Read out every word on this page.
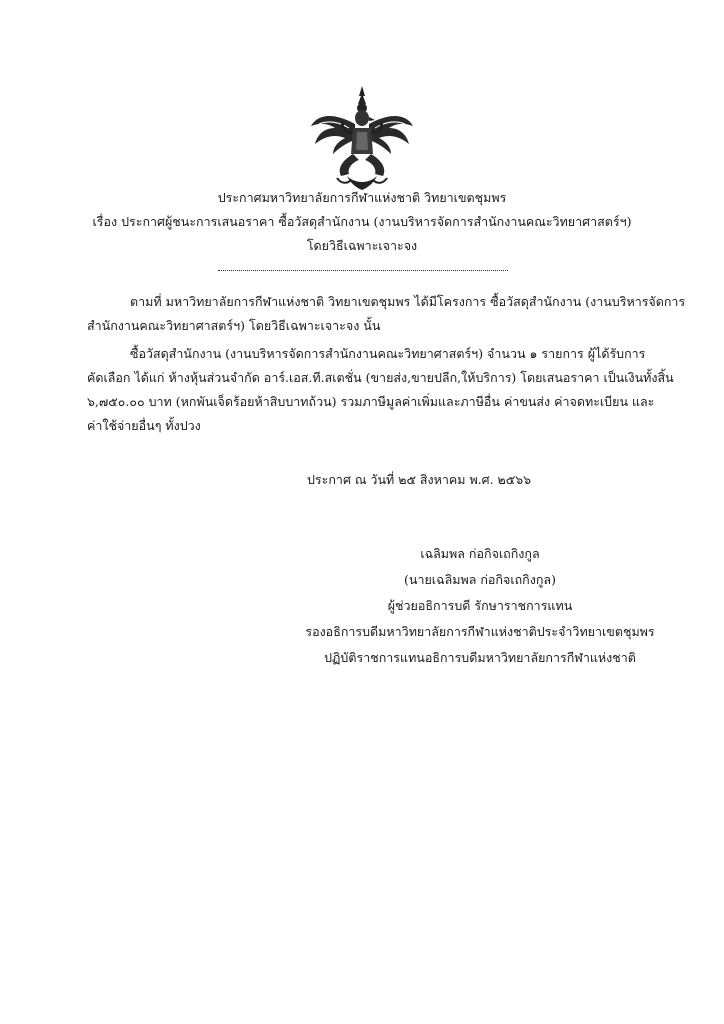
ประกาศมหาวิทยาลัยการกีฬาแห่งชาติ วิทยาเขตชุมพร
เรื่อง ประกาศผู้ชนะการเสนอราคา ซื้อวัสดุสำนักงาน (งานบริหารจัดการสำนักงานคณะวิทยาศาสตร์ฯ)
โดยวิธีเฉพาะเจาะจง
ตามที่ มหาวิทยาลัยการกีฬาแห่งชาติ วิทยาเขตชุมพร ได้มีโครงการ ซื้อวัสดุสำนักงาน (งานบริหารจัดการ
สำนักงานคณะวิทยาศาสตร์ฯ) โดยวิธีเฉพาะเจาะจง นั้น
ซื้อวัสดุสำนักงาน (งานบริหารจัดการสำนักงานคณะวิทยาศาสตร์ฯ) จำนวน ๑ รายการ ผู้ได้รับการ
คัดเลือก ได้แก่ ห้างหุ้นส่วนจำกัด อาร์.เอส.ที.สเตชั่น (ขายส่ง,ขายปลีก,ให้บริการ) โดยเสนอราคา เป็นเงินทั้งสิ้น
๖,๗๕๐.๐๐ บาท (หกพันเจ็ดร้อยห้าสิบบาทถ้วน) รวมภาษีมูลค่าเพิ่มและภาษีอื่น ค่าขนส่ง ค่าจดทะเบียน และ
ค่าใช้จ่ายอื่นๆ ทั้งปวง
ประกาศ ณ วันที่ ๒๕ สิงหาคม พ.ศ. ๒๕๖๖
เฉลิมพล ก่อกิจเถกิงกูล
(นายเฉลิมพล ก่อกิจเถกิงกูล)
ผู้ช่วยอธิการบดี รักษาราชการแทน
รองอธิการบดีมหาวิทยาลัยการกีฬาแห่งชาติประจำวิทยาเขตชุมพร
ปฏิบัติราชการแทนอธิการบดีมหาวิทยาลัยการกีฬาแห่งชาติ
